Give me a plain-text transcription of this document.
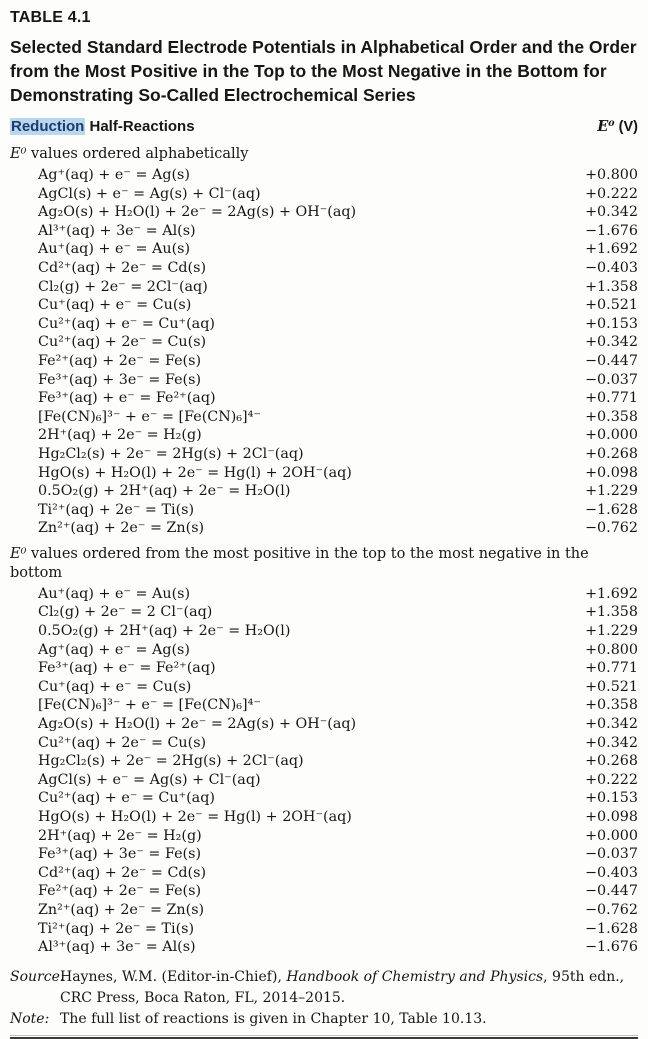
TABLE 4.1
Selected Standard Electrode Potentials in Alphabetical Order and the Order
from the Most Positive in the Top to the Most Negative in the Bottom for
Demonstrating So-Called Electrochemical Series
Reduction Half-Reactions	E⁰ (V)
E⁰ values ordered alphabetically
Ag⁺(aq) + e⁻ = Ag(s)	+0.800
AgCl(s) + e⁻ = Ag(s) + Cl⁻(aq)	+0.222
Ag₂O(s) + H₂O(l) + 2e⁻ = 2Ag(s) + OH⁻(aq)	+0.342
Al³⁺(aq) + 3e⁻ = Al(s)	−1.676
Au⁺(aq) + e⁻ = Au(s)	+1.692
Cd²⁺(aq) + 2e⁻ = Cd(s)	−0.403
Cl₂(g) + 2e⁻ = 2Cl⁻(aq)	+1.358
Cu⁺(aq) + e⁻ = Cu(s)	+0.521
Cu²⁺(aq) + e⁻ = Cu⁺(aq)	+0.153
Cu²⁺(aq) + 2e⁻ = Cu(s)	+0.342
Fe²⁺(aq) + 2e⁻ = Fe(s)	−0.447
Fe³⁺(aq) + 3e⁻ = Fe(s)	−0.037
Fe³⁺(aq) + e⁻ = Fe²⁺(aq)	+0.771
[Fe(CN)₆]³⁻ + e⁻ = [Fe(CN)₆]⁴⁻	+0.358
2H⁺(aq) + 2e⁻ = H₂(g)	+0.000
Hg₂Cl₂(s) + 2e⁻ = 2Hg(s) + 2Cl⁻(aq)	+0.268
HgO(s) + H₂O(l) + 2e⁻ = Hg(l) + 2OH⁻(aq)	+0.098
0.5O₂(g) + 2H⁺(aq) + 2e⁻ = H₂O(l)	+1.229
Ti²⁺(aq) + 2e⁻ = Ti(s)	−1.628
Zn²⁺(aq) + 2e⁻ = Zn(s)	−0.762
E⁰ values ordered from the most positive in the top to the most negative in the bottom
Au⁺(aq) + e⁻ = Au(s)	+1.692
Cl₂(g) + 2e⁻ = 2 Cl⁻(aq)	+1.358
0.5O₂(g) + 2H⁺(aq) + 2e⁻ = H₂O(l)	+1.229
Ag⁺(aq) + e⁻ = Ag(s)	+0.800
Fe³⁺(aq) + e⁻ = Fe²⁺(aq)	+0.771
Cu⁺(aq) + e⁻ = Cu(s)	+0.521
[Fe(CN)₆]³⁻ + e⁻ = [Fe(CN)₆]⁴⁻	+0.358
Ag₂O(s) + H₂O(l) + 2e⁻ = 2Ag(s) + OH⁻(aq)	+0.342
Cu²⁺(aq) + 2e⁻ = Cu(s)	+0.342
Hg₂Cl₂(s) + 2e⁻ = 2Hg(s) + 2Cl⁻(aq)	+0.268
AgCl(s) + e⁻ = Ag(s) + Cl⁻(aq)	+0.222
Cu²⁺(aq) + e⁻ = Cu⁺(aq)	+0.153
HgO(s) + H₂O(l) + 2e⁻ = Hg(l) + 2OH⁻(aq)	+0.098
2H⁺(aq) + 2e⁻ = H₂(g)	+0.000
Fe³⁺(aq) + 3e⁻ = Fe(s)	−0.037
Cd²⁺(aq) + 2e⁻ = Cd(s)	−0.403
Fe²⁺(aq) + 2e⁻ = Fe(s)	−0.447
Zn²⁺(aq) + 2e⁻ = Zn(s)	−0.762
Ti²⁺(aq) + 2e⁻ = Ti(s)	−1.628
Al³⁺(aq) + 3e⁻ = Al(s)	−1.676
Source:
Haynes, W.M. (Editor-in-Chief), Handbook of Chemistry and Physics, 95th edn., CRC Press, Boca Raton, FL, 2014–2015.
Note: The full list of reactions is given in Chapter 10, Table 10.13.
